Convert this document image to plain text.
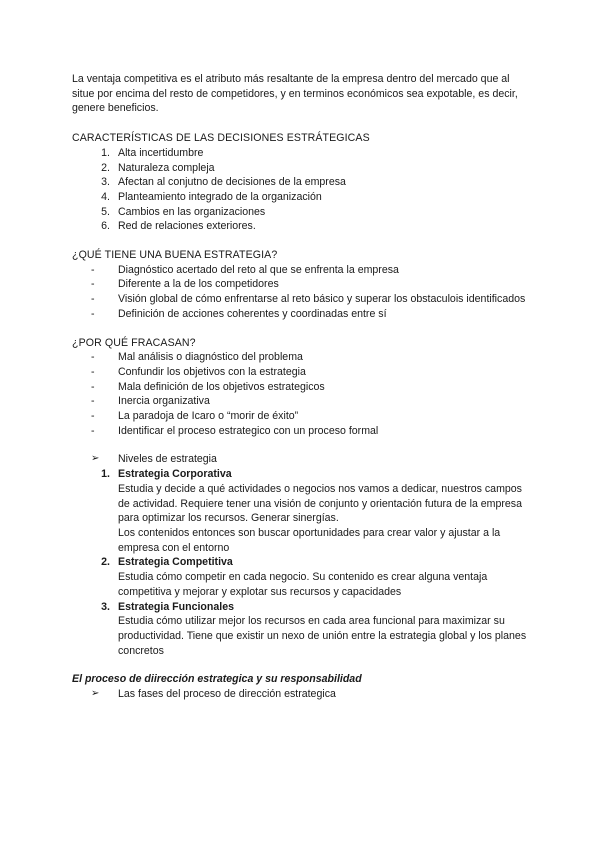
La ventaja competitiva es el atributo más resaltante de la empresa dentro del mercado que al situe por encima del resto de competidores, y en terminos económicos sea expotable, es decir, genere beneficios.

CARACTERÍSTICAS DE LAS DECISIONES ESTRÁTEGICAS

1. Alta incertidumbre
2. Naturaleza compleja
3. Afectan al conjutno de decisiones de la empresa
4. Planteamiento integrado de la organización
5. Cambios en las organizaciones
6. Red de relaciones exteriores.

¿QUÉ TIENE UNA BUENA ESTRATEGIA?

- Diagnóstico acertado del reto al que se enfrenta la empresa
- Diferente a la de los competidores
- Visión global de cómo enfrentarse al reto básico y superar los obstaculois identificados
- Definición de acciones coherentes y coordinadas entre sí

¿POR QUÉ FRACASAN?

- Mal análisis o diagnóstico del problema
- Confundir los objetivos con la estrategia
- Mala definición de los objetivos estrategicos
- Inercia organizativa
- La paradoja de Icaro o “morir de éxito”
- Identificar el proceso estrategico con un proceso formal
➢ Niveles de estrategia
1. Estrategia Corporativa

Estudia y decide a qué actividades o negocios nos vamos a dedicar, nuestros campos de actividad. Requiere tener una visión de conjunto y orientación futura de la empresa para optimizar los recursos. Generar sinergías.

Los contenidos entonces son buscar oportunidades para crear valor y ajustar a la empresa con el entorno

2. Estrategia Competitiva

Estudia cómo competir en cada negocio. Su contenido es crear alguna ventaja competitiva y mejorar y explotar sus recursos y capacidades

3. Estrategia Funcionales

Estudia cómo utilizar mejor los recursos en cada area funcional para maximizar su productividad. Tiene que existir un nexo de unión entre la estrategia global y los planes concretos

El proceso de diirección estrategica y su responsabilidad

➢ Las fases del proceso de dirección estrategica
